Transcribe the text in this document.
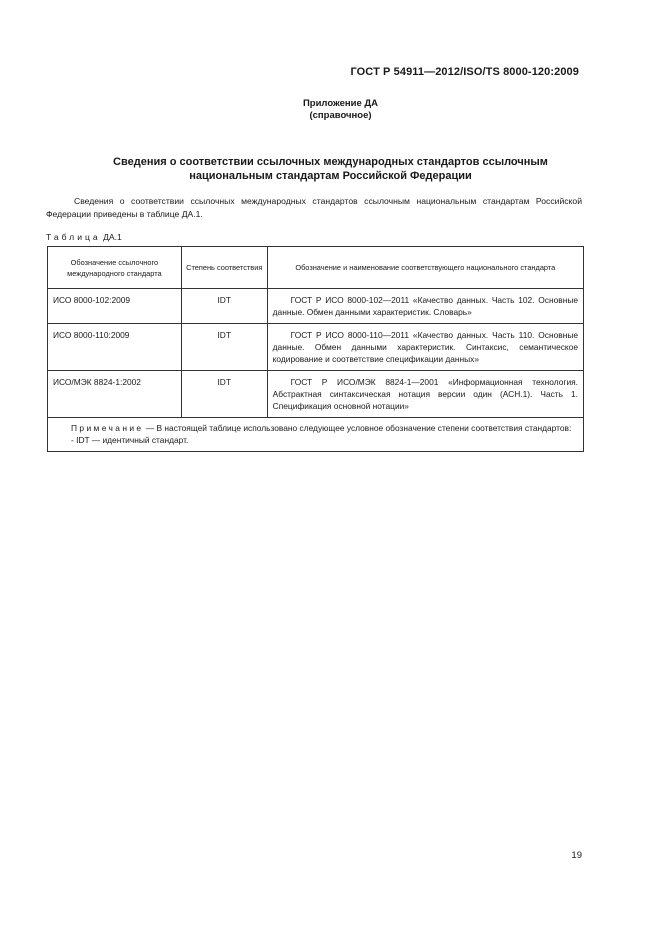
ГОСТ Р 54911—2012/ISO/TS 8000-120:2009
Приложение ДА
(справочное)
Сведения о соответствии ссылочных международных стандартов ссылочным
национальным стандартам Российской Федерации
Сведения о соответствии ссылочных международных стандартов ссылочным национальным стандартам Российской Федерации приведены в таблице ДА.1.
Таблица ДА.1
Обозначение ссылочного международного стандарта	Степень соответствия	Обозначение и наименование соответствующего национального стандарта
ИСО 8000-102:2009	IDT	ГОСТ Р ИСО 8000-102—2011 «Качество данных. Часть 102. Основные данные. Обмен данными характеристик. Словарь»
ИСО 8000-110:2009	IDT	ГОСТ Р ИСО 8000-110—2011 «Качество данных. Часть 110. Основные данные. Обмен данными характеристик. Синтаксис, семантическое кодирование и соответствие спецификации данных»
ИСО/МЭК 8824-1:2002	IDT	ГОСТ Р ИСО/МЭК 8824-1—2001 «Информационная технология. Абстрактная синтаксическая нотация версии один (АСН.1). Часть 1. Спецификация основной нотации»

Примечание — В настоящей таблице использовано следующее условное обозначение степени соответствия стандартов:
- IDT — идентичный стандарт.		
19
